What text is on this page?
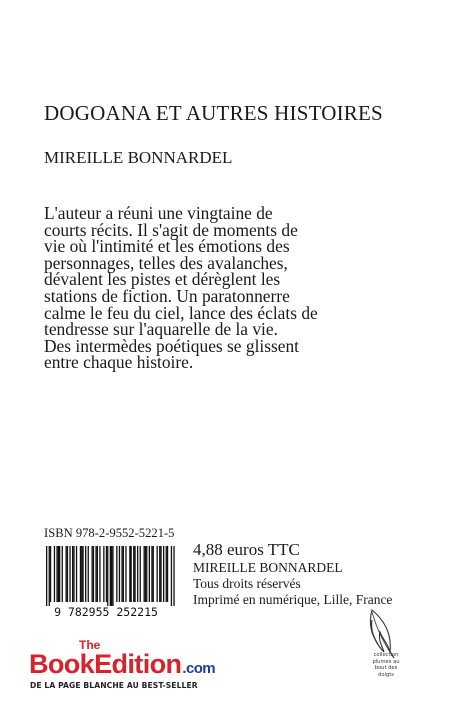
DOGOANA ET AUTRES HISTOIRES
MIREILLE BONNARDEL
L'auteur a réuni une vingtaine de
courts récits. Il s'agit de moments de
vie où l'intimité et les émotions des
personnages, telles des avalanches,
dévalent les pistes et dérèglent les
stations de fiction. Un paratonnerre
calme le feu du ciel, lance des éclats de
tendresse sur l'aquarelle de la vie.
Des intermèdes poétiques se glissent
entre chaque histoire.
ISBN 978-2-9552-5221-5
9 782955 252215
4,88 euros TTC
MIREILLE BONNARDEL
Tous droits réservés
Imprimé en numérique, Lille, France
The
BookEdition.com
DE LA PAGE BLANCHE AU BEST-SELLER
collection
plumes au
bout des
doigts
